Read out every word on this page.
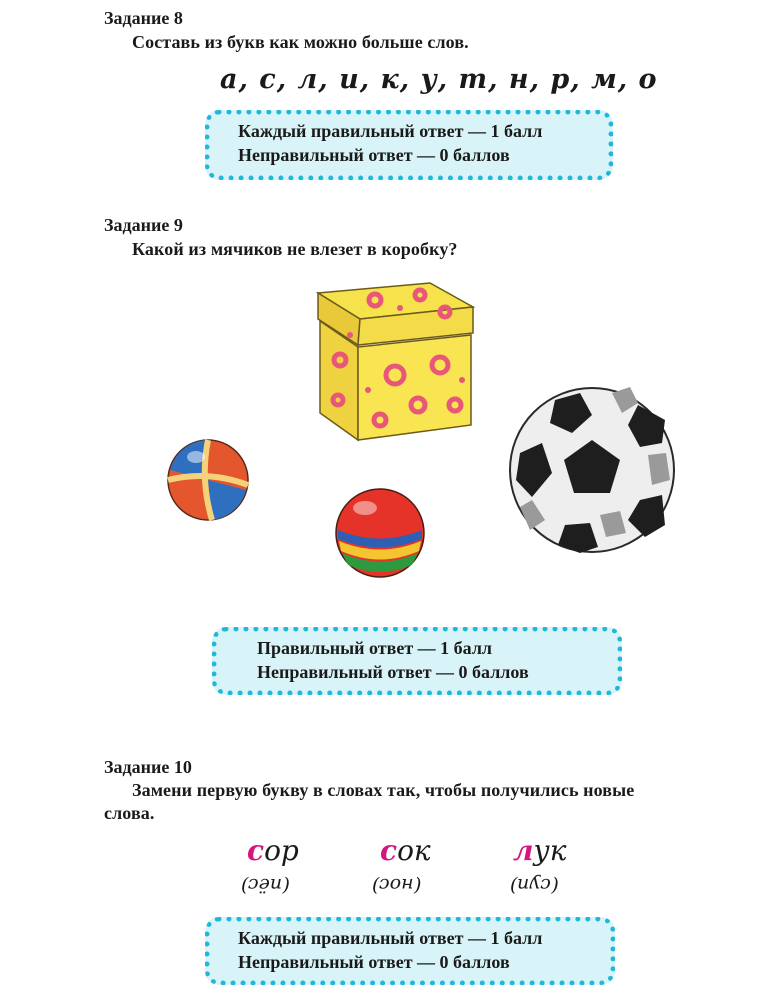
Задание 8
Составь из букв как можно больше слов.
а, с, л, и, к, у, т, н, р, м, о
Каждый правильный ответ — 1 балл
Неправильный ответ — 0 баллов
Задание 9
Какой из мячиков не влезет в коробку?
Правильный ответ — 1 балл
Неправильный ответ — 0 баллов
Задание 10
Замени первую букву в словах так, чтобы получились новые
слова.
сор	сок	лук
(пёс)	(нос)	(суп)
Каждый правильный ответ — 1 балл
Неправильный ответ — 0 баллов
